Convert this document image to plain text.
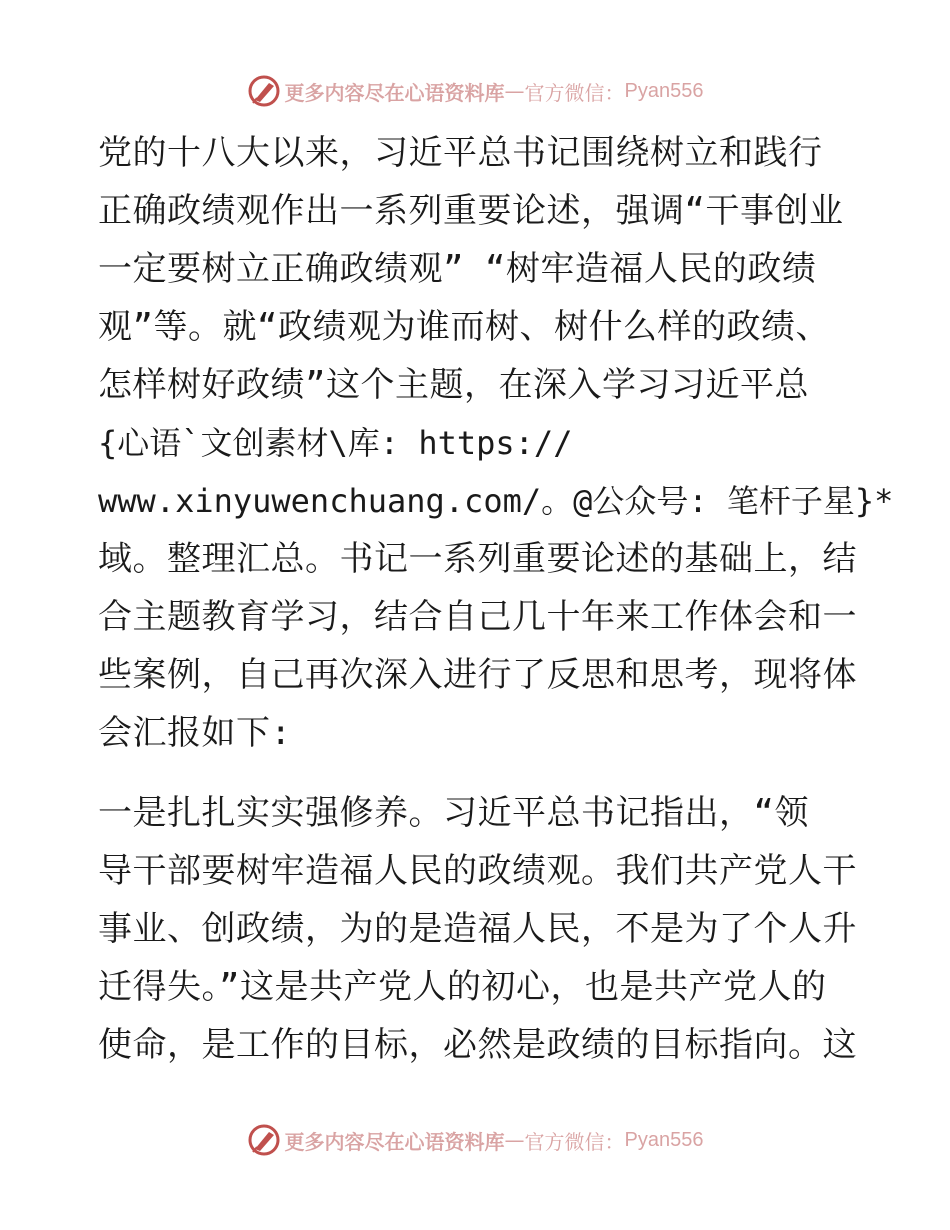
更多内容尽在心语资料库 — 官方微信： Pyan556

党的十八大以来，习近平总书记围绕树立和践行
正确政绩观作出一系列重要论述，强调“干事创业
一定要树立正确政绩观” “树牢造福人民的政绩
观”等。就“政绩观为谁而树、树什么样的政绩、
怎样树好政绩”这个主题，在深入学习习近平总
{心语`文创素材\库: https://
www.xinyuwenchuang.com/。@公众号: 笔杆子星}*
域。整理汇总。书记一系列重要论述的基础上，结
合主题教育学习，结合自己几十年来工作体会和一
些案例，自己再次深入进行了反思和思考，现将体
会汇报如下:

一是扎扎实实强修养。习近平总书记指出，“领
导干部要树牢造福人民的政绩观。我们共产党人干
事业、创政绩，为的是造福人民，不是为了个人升
迁得失。”这是共产党人的初心，也是共产党人的
使命，是工作的目标，必然是政绩的目标指向。这

更多内容尽在心语资料库 — 官方微信： Pyan556
